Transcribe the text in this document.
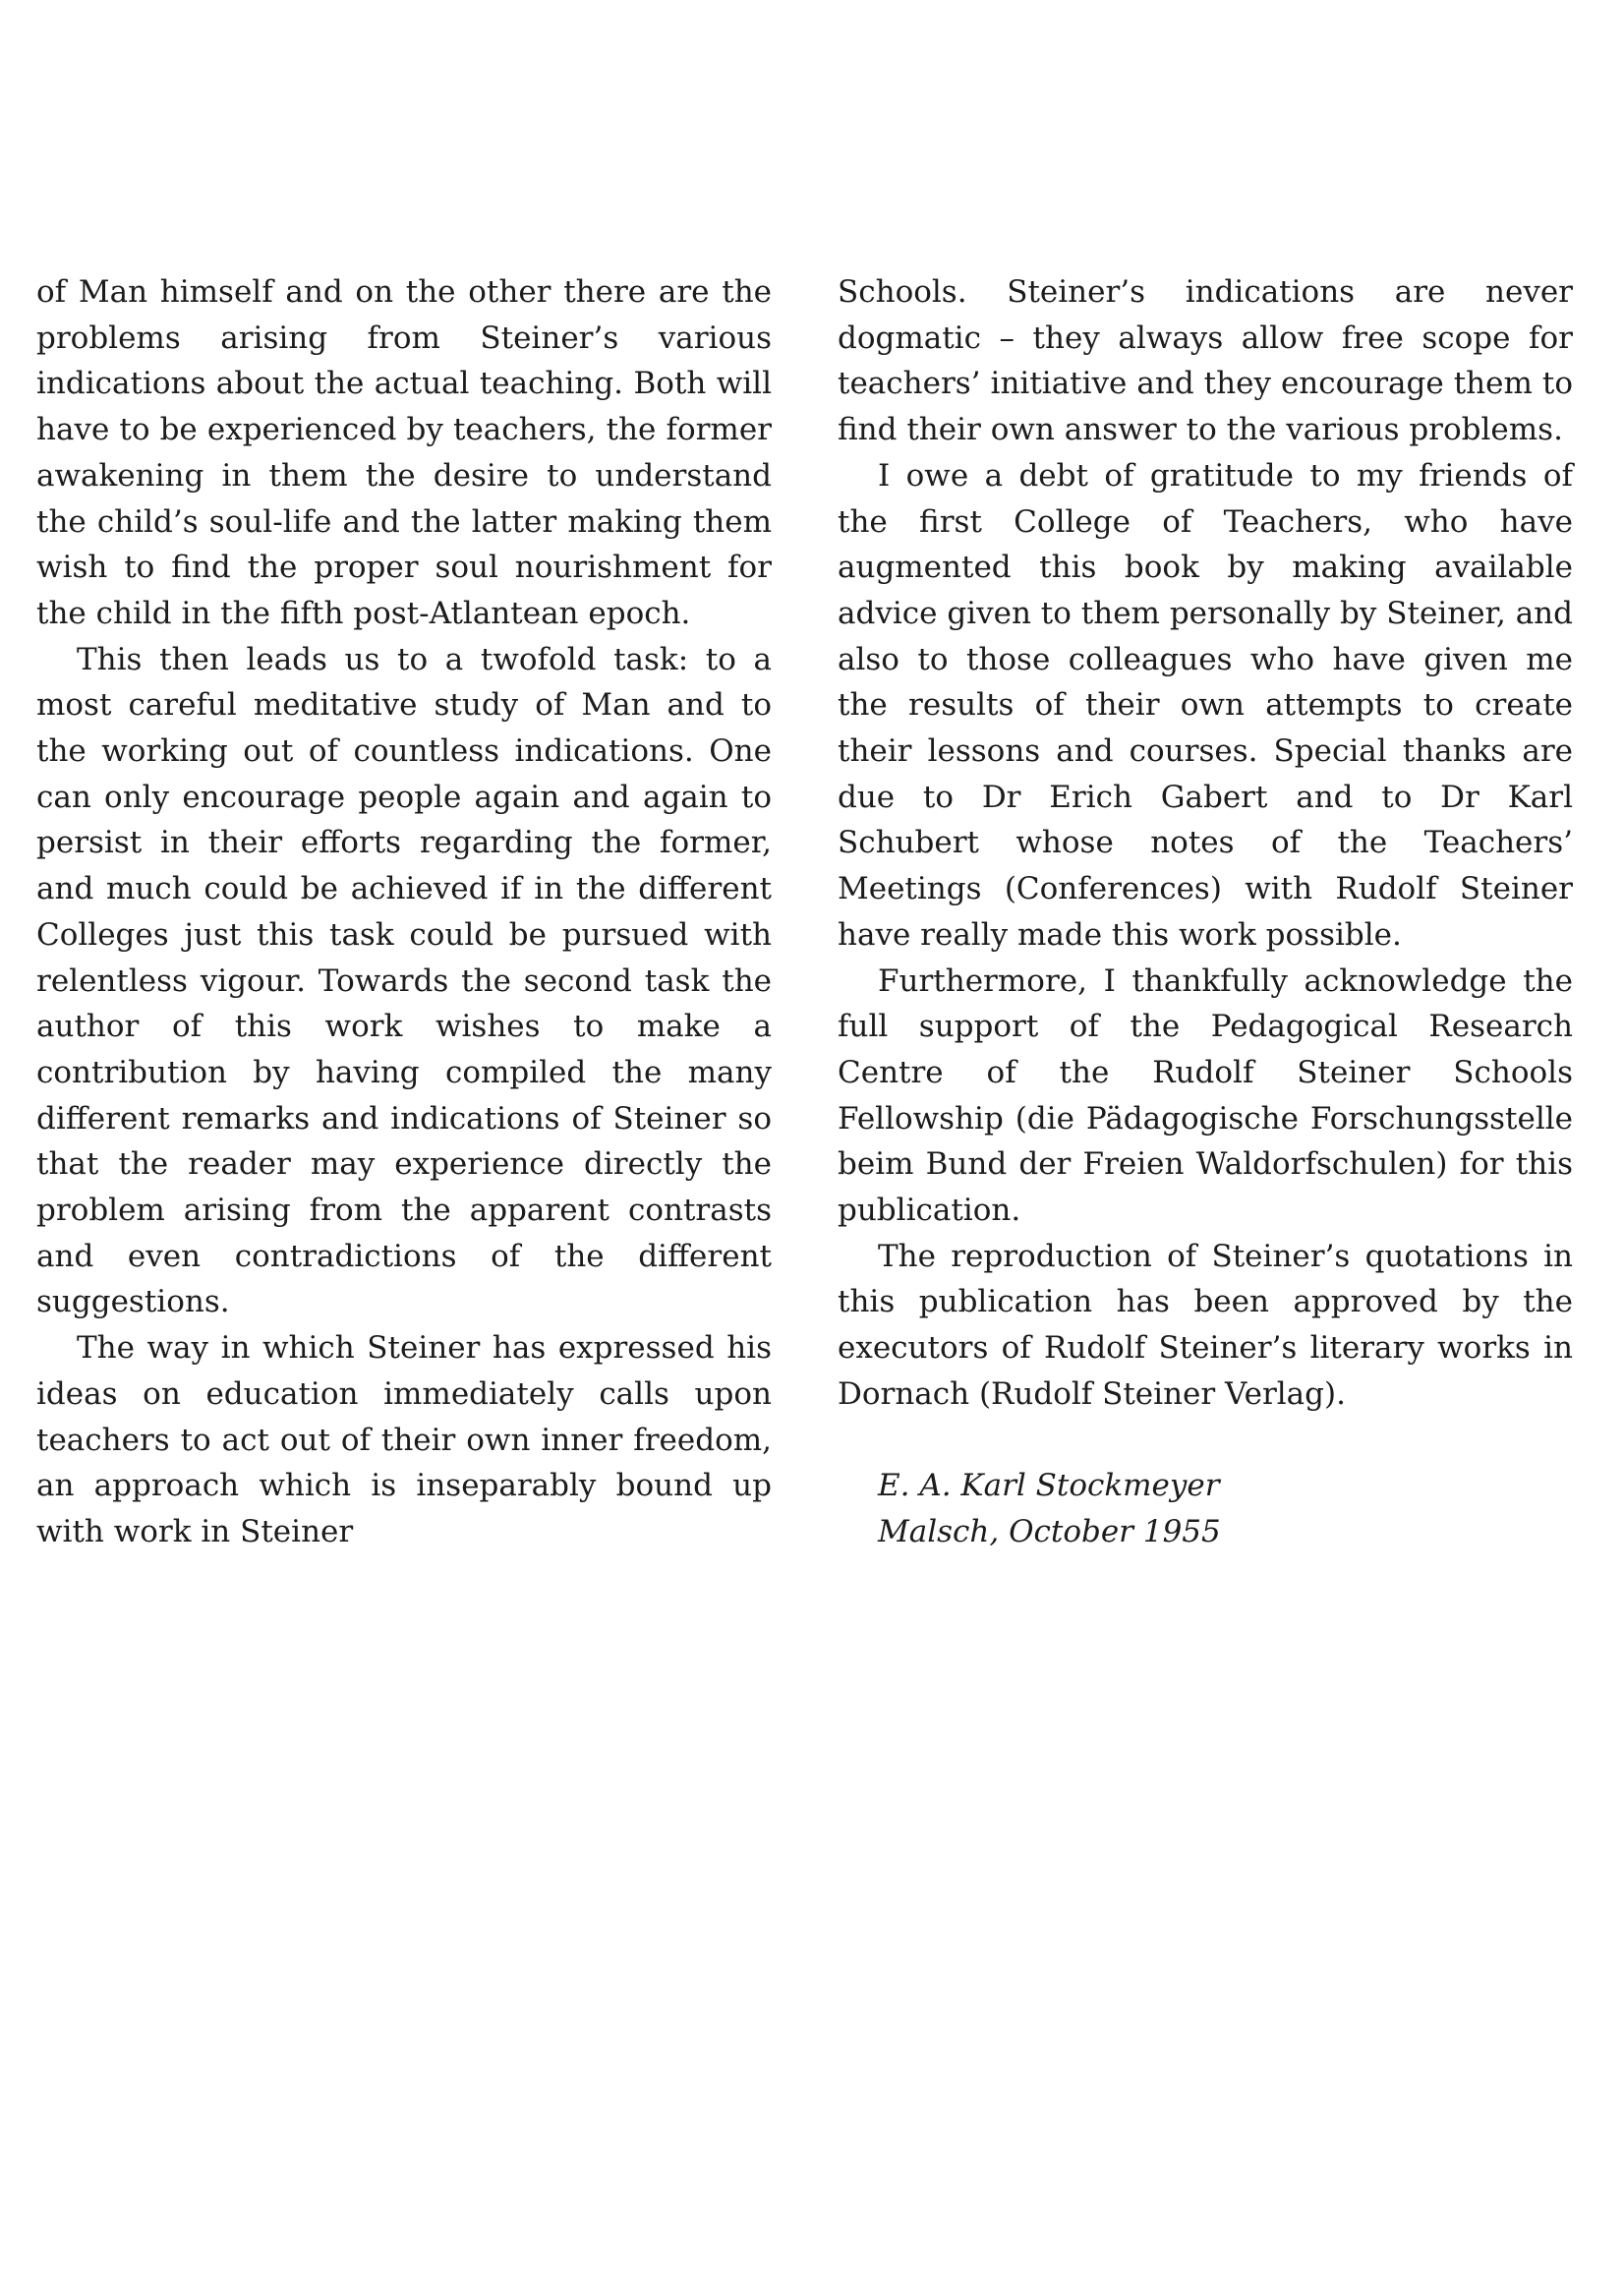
of Man himself and on the other there are the problems arising from Steiner’s various indications about the actual teaching. Both will have to be experienced by teachers, the former awakening in them the desire to understand the child’s soul-life and the latter making them wish to find the proper soul nourishment for the child in the fifth post-Atlantean epoch.

This then leads us to a twofold task: to a most careful meditative study of Man and to the working out of countless indications. One can only encourage people again and again to persist in their efforts regarding the former, and much could be achieved if in the different Colleges just this task could be pursued with relentless vigour. Towards the second task the author of this work wishes to make a contribution by having compiled the many different remarks and indications of Steiner so that the reader may experience directly the problem arising from the apparent contrasts and even contradictions of the different suggestions.

The way in which Steiner has expressed his ideas on education immediately calls upon teachers to act out of their own inner freedom, an approach which is inseparably bound up with work in Steiner

Schools. Steiner’s indications are never dogmatic – they always allow free scope for teachers’ initiative and they encourage them to find their own answer to the various problems.

I owe a debt of gratitude to my friends of the first College of Teachers, who have augmented this book by making available advice given to them personally by Steiner, and also to those colleagues who have given me the results of their own attempts to create their lessons and courses. Special thanks are due to Dr Erich Gabert and to Dr Karl Schubert whose notes of the Teachers’ Meetings (Conferences) with Rudolf Steiner have really made this work possible.

Furthermore, I thankfully acknowledge the full support of the Pedagogical Research Centre of the Rudolf Steiner Schools Fellowship (die Pädagogische Forschungsstelle beim Bund der Freien Waldorfschulen) for this publication.

The reproduction of Steiner’s quotations in this publication has been approved by the executors of Rudolf Steiner’s literary works in Dornach (Rudolf Steiner Verlag).

E. A. Karl Stockmeyer
Malsch, October 1955
